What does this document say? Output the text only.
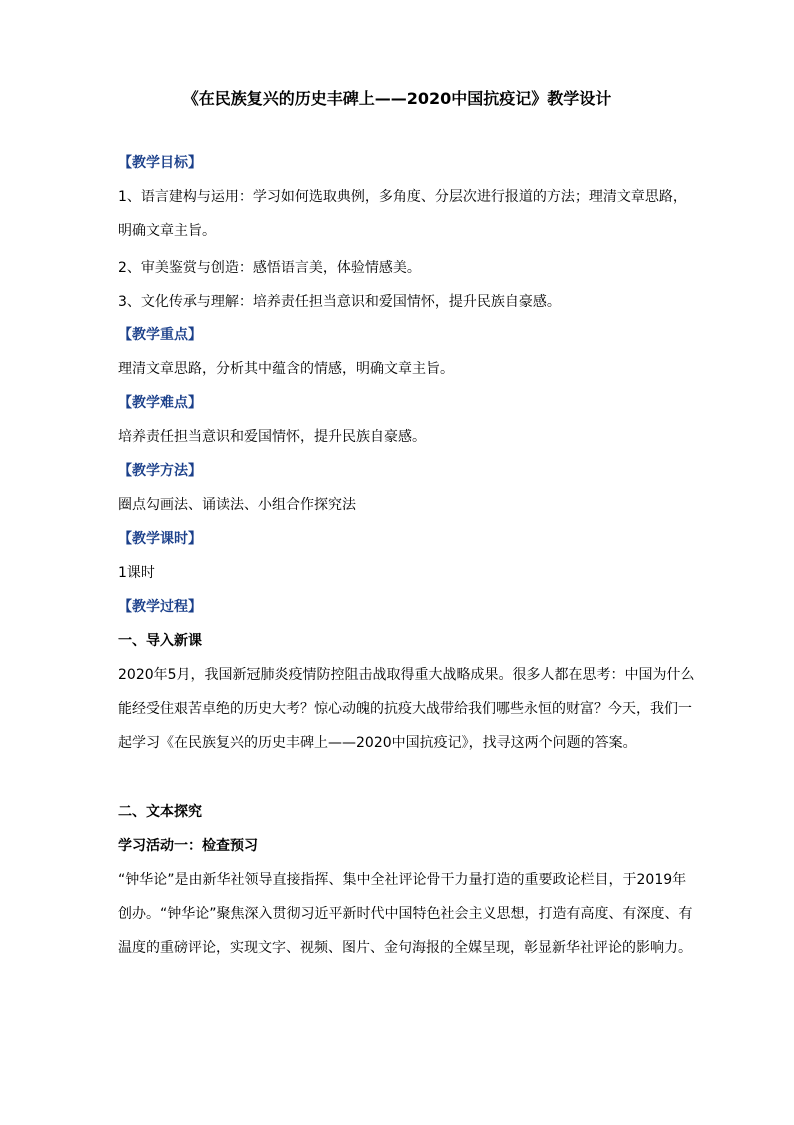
《在民族复兴的历史丰碑上——2020中国抗疫记》教学设计
【教学目标】
1、语言建构与运用：学习如何选取典例，多角度、分层次进行报道的方法；理清文章思路，明确文章主旨。
2、审美鉴赏与创造：感悟语言美，体验情感美。
3、文化传承与理解：培养责任担当意识和爱国情怀，提升民族自豪感。
【教学重点】
理清文章思路，分析其中蕴含的情感，明确文章主旨。
【教学难点】
培养责任担当意识和爱国情怀，提升民族自豪感。
【教学方法】
圈点勾画法、诵读法、小组合作探究法
【教学课时】
1课时
【教学过程】
一、导入新课
2020年5月，我国新冠肺炎疫情防控阻击战取得重大战略成果。很多人都在思考：中国为什么能经受住艰苦卓绝的历史大考？惊心动魄的抗疫大战带给我们哪些永恒的财富？今天，我们一起学习《在民族复兴的历史丰碑上——2020中国抗疫记》，找寻这两个问题的答案。
二、文本探究
学习活动一：检查预习
“钟华论”是由新华社领导直接指挥、集中全社评论骨干力量打造的重要政论栏目，于2019年创办。“钟华论”聚焦深入贯彻习近平新时代中国特色社会主义思想，打造有高度、有深度、有温度的重磅评论，实现文字、视频、图片、金句海报的全媒呈现，彰显新华社评论的影响力。
